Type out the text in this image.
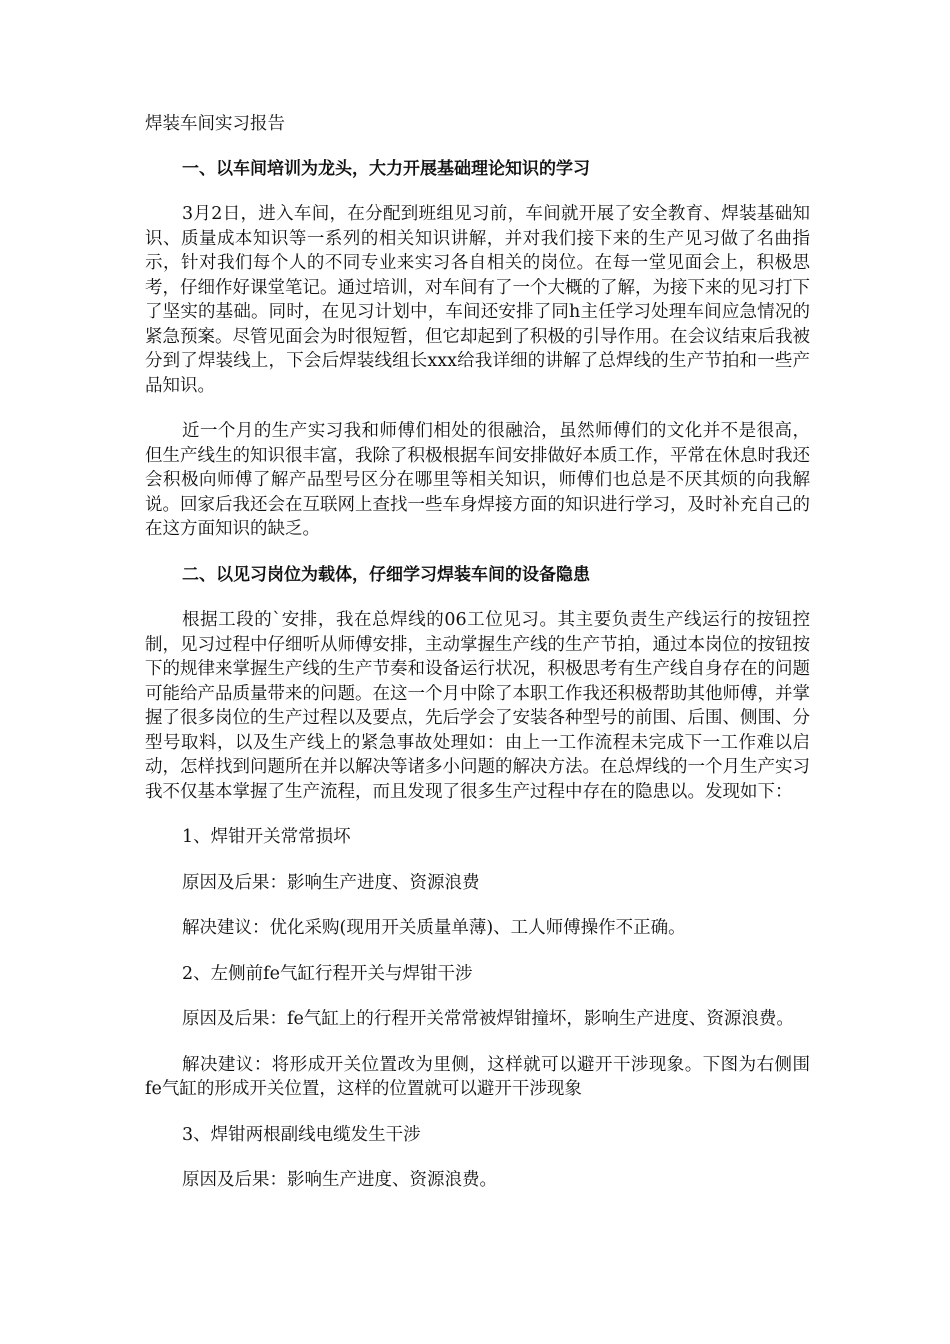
焊装车间实习报告

一、以车间培训为龙头，大力开展基础理论知识的学习

3月2日，进入车间，在分配到班组见习前，车间就开展了安全教育、焊装基础知识、质量成本知识等一系列的相关知识讲解，并对我们接下来的生产见习做了名曲指示，针对我们每个人的不同专业来实习各自相关的岗位。在每一堂见面会上，积极思考，仔细作好课堂笔记。通过培训，对车间有了一个大概的了解，为接下来的见习打下了坚实的基础。同时，在见习计划中，车间还安排了同h主任学习处理车间应急情况的紧急预案。尽管见面会为时很短暂，但它却起到了积极的引导作用。在会议结束后我被分到了焊装线上，下会后焊装线组长xxx给我详细的讲解了总焊线的生产节拍和一些产品知识。

近一个月的生产实习我和师傅们相处的很融洽，虽然师傅们的文化并不是很高，但生产线生的知识很丰富，我除了积极根据车间安排做好本质工作，平常在休息时我还会积极向师傅了解产品型号区分在哪里等相关知识，师傅们也总是不厌其烦的向我解说。回家后我还会在互联网上查找一些车身焊接方面的知识进行学习，及时补充自己的在这方面知识的缺乏。

二、以见习岗位为载体，仔细学习焊装车间的设备隐患

根据工段的`安排，我在总焊线的06工位见习。其主要负责生产线运行的按钮控制，见习过程中仔细听从师傅安排，主动掌握生产线的生产节拍，通过本岗位的按钮按下的规律来掌握生产线的生产节奏和设备运行状况，积极思考有生产线自身存在的问题可能给产品质量带来的问题。在这一个月中除了本职工作我还积极帮助其他师傅，并掌握了很多岗位的生产过程以及要点，先后学会了安装各种型号的前围、后围、侧围、分型号取料，以及生产线上的紧急事故处理如：由上一工作流程未完成下一工作难以启动，怎样找到问题所在并以解决等诸多小问题的解决方法。在总焊线的一个月生产实习我不仅基本掌握了生产流程，而且发现了很多生产过程中存在的隐患以。发现如下：

1、焊钳开关常常损坏

原因及后果：影响生产进度、资源浪费

解决建议：优化采购(现用开关质量单薄)、工人师傅操作不正确。

2、左侧前fe气缸行程开关与焊钳干涉

原因及后果：fe气缸上的行程开关常常被焊钳撞坏，影响生产进度、资源浪费。

解决建议：将形成开关位置改为里侧，这样就可以避开干涉现象。下图为右侧围fe气缸的形成开关位置，这样的位置就可以避开干涉现象

3、焊钳两根副线电缆发生干涉

原因及后果：影响生产进度、资源浪费。
